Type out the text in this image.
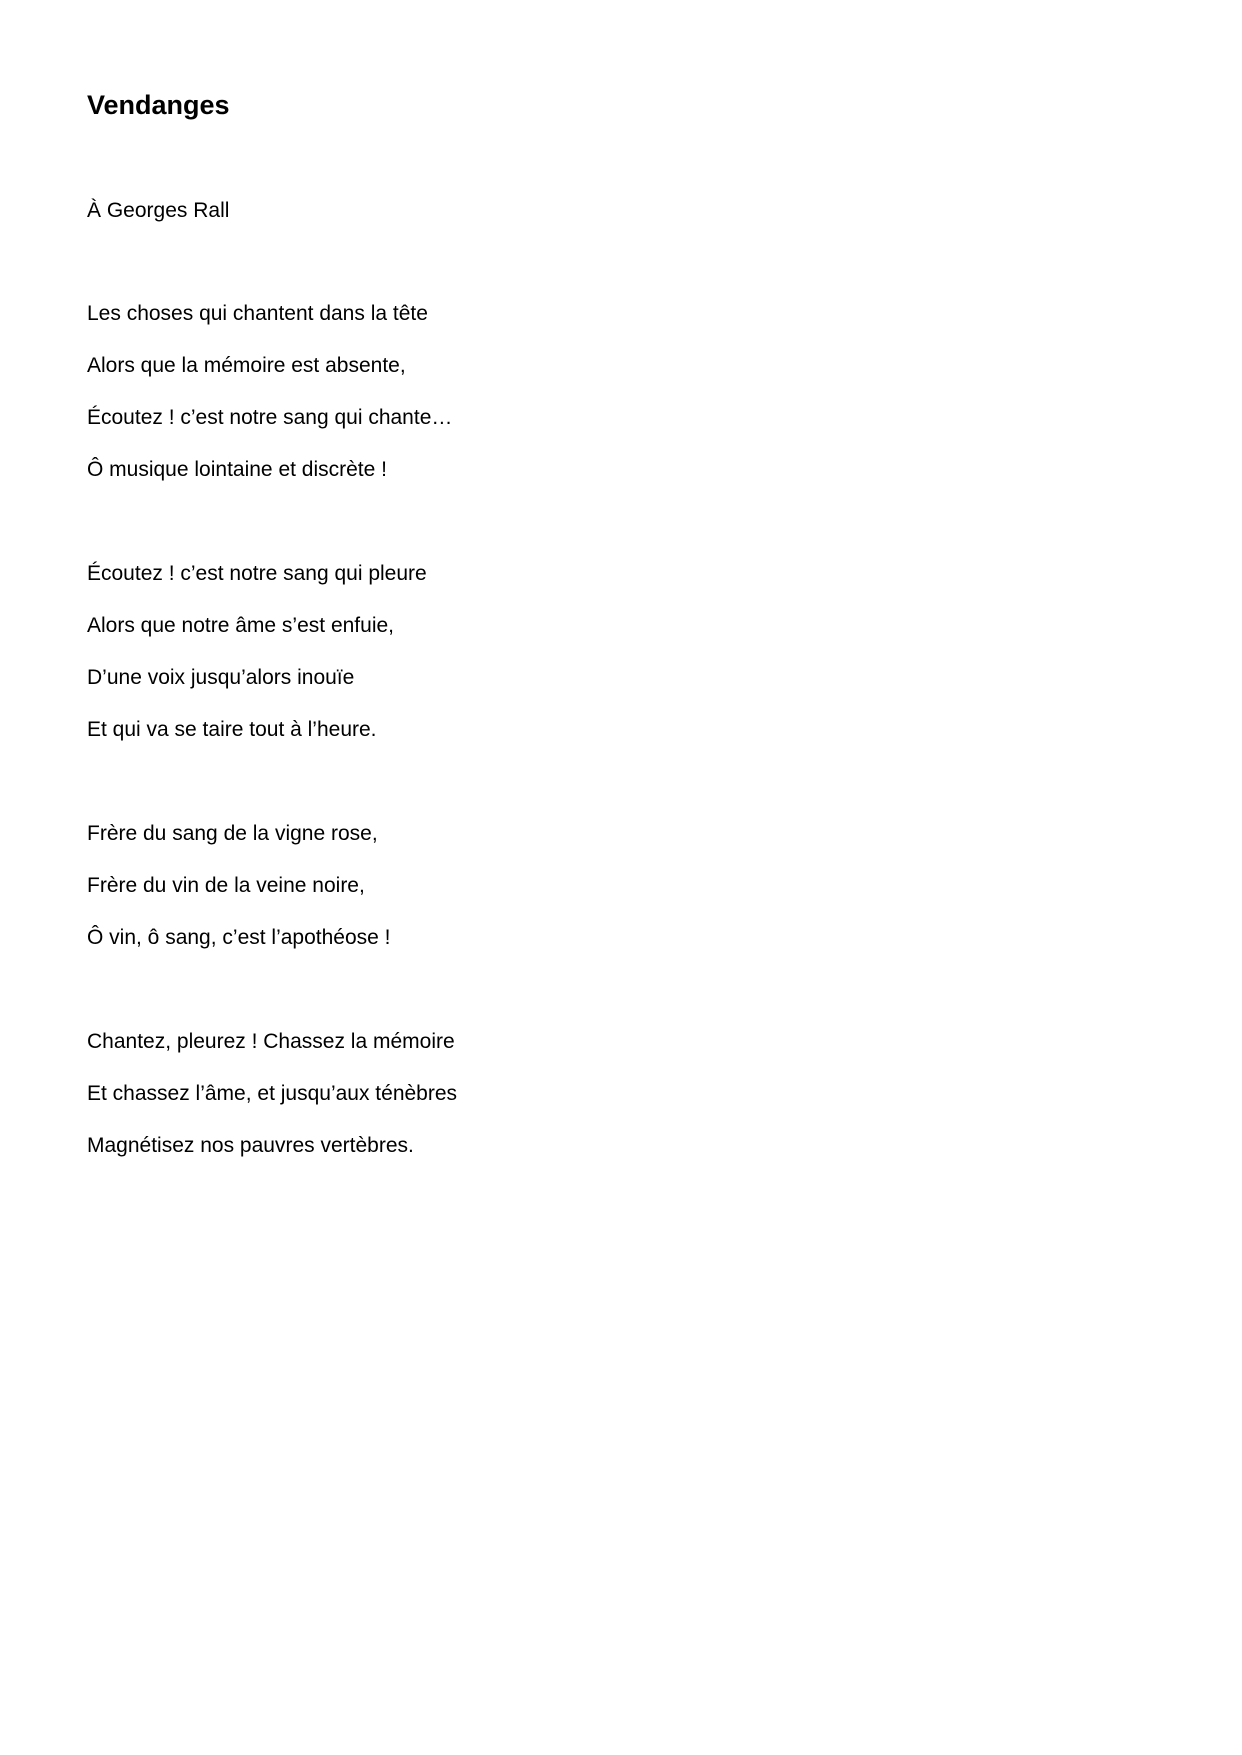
Vendanges

À Georges Rall

Les choses qui chantent dans la tête
Alors que la mémoire est absente,
Écoutez ! c’est notre sang qui chante…
Ô musique lointaine et discrète !
Écoutez ! c’est notre sang qui pleure
Alors que notre âme s’est enfuie,
D’une voix jusqu’alors inouïe
Et qui va se taire tout à l’heure.
Frère du sang de la vigne rose,
Frère du vin de la veine noire,
Ô vin, ô sang, c’est l’apothéose !
Chantez, pleurez ! Chassez la mémoire
Et chassez l’âme, et jusqu’aux ténèbres
Magnétisez nos pauvres vertèbres.
